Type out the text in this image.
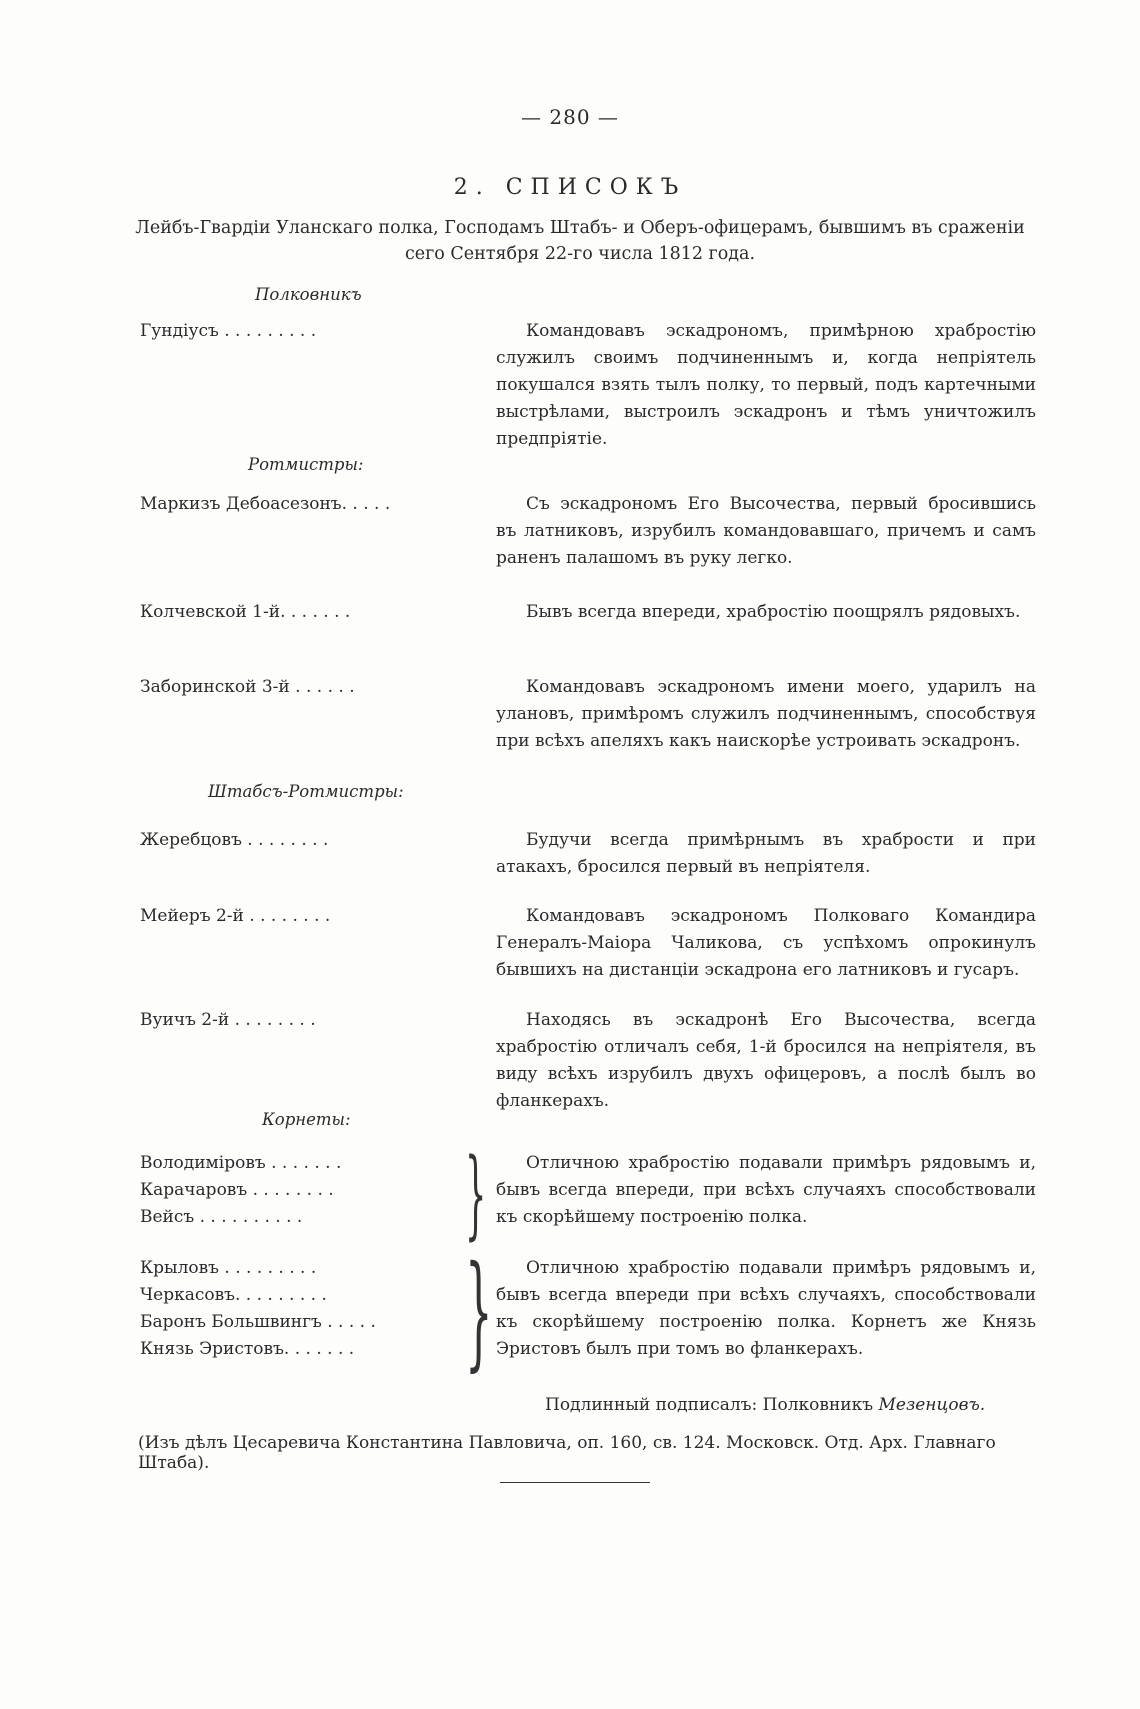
— 280 —
2. СПИСОКЪ
Лейбъ-Гвардіи Уланскаго полка, Господамъ Штабъ- и Оберъ-офицерамъ, бывшимъ въ сраженіи сего Сентября 22-го числа 1812 года.
Полковникъ
Гундіусъ . . . . . . . . .	Командовавъ эскадрономъ, примѣрною храбростію служилъ своимъ подчиненнымъ и, когда непріятель покушался взять тылъ полку, то первый, подъ картечными выстрѣлами, выстроилъ эскадронъ и тѣмъ уничтожилъ предпріятіе.
Ротмистры:
Маркизъ Дебоасезонъ. . . . .	Съ эскадрономъ Его Высочества, первый бросившись въ латниковъ, изрубилъ командовавшаго, причемъ и самъ раненъ палашомъ въ руку легко.
Колчевской 1-й. . . . . . .	Бывъ всегда впереди, храбростію поощрялъ рядовыхъ.
Заборинской 3-й . . . . . .	Командовавъ эскадрономъ имени моего, ударилъ на улановъ, примѣромъ служилъ подчиненнымъ, способствуя при всѣхъ апеляхъ какъ наискорѣе устроивать эскадронъ.
Штабсъ-Ротмистры:
Жеребцовъ . . . . . . . .	Будучи всегда примѣрнымъ въ храбрости и при атакахъ, бросился первый въ непріятеля.
Мейеръ 2-й . . . . . . . .	Командовавъ эскадрономъ Полковаго Командира Генералъ-Маіора Чаликова, съ успѣхомъ опрокинулъ бывшихъ на дистанціи эскадрона его латниковъ и гусаръ.
Вуичъ 2-й . . . . . . . .	Находясь въ эскадронѣ Его Высочества, всегда храбростію отличалъ себя, 1-й бросился на непріятеля, въ виду всѣхъ изрубилъ двухъ офицеровъ, а послѣ былъ во фланкерахъ.
Корнеты:
Володиміровъ . . . . . . .
Карачаровъ . . . . . . . .
Вейсъ . . . . . . . . . .	}	Отличною храбростію подавали примѣръ рядовымъ и, бывъ всегда впереди, при всѣхъ случаяхъ способствовали къ скорѣйшему построенію полка.
Крыловъ . . . . . . . . .
Черкасовъ. . . . . . . . .
Баронъ Большвингъ . . . . .
Князь Эристовъ. . . . . . . }	Отличною храбростію подавали примѣръ рядовымъ и, бывъ всегда впереди при всѣхъ случаяхъ, способствовали къ скорѣйшему построенію полка. Корнетъ же Князь Эристовъ былъ при томъ во фланкерахъ.
Подлинный подписалъ: Полковникъ Мезенцовъ.
(Изъ дѣлъ Цесаревича Константина Павловича, оп. 160, св. 124. Московск. Отд. Арх. Главнаго Штаба).
